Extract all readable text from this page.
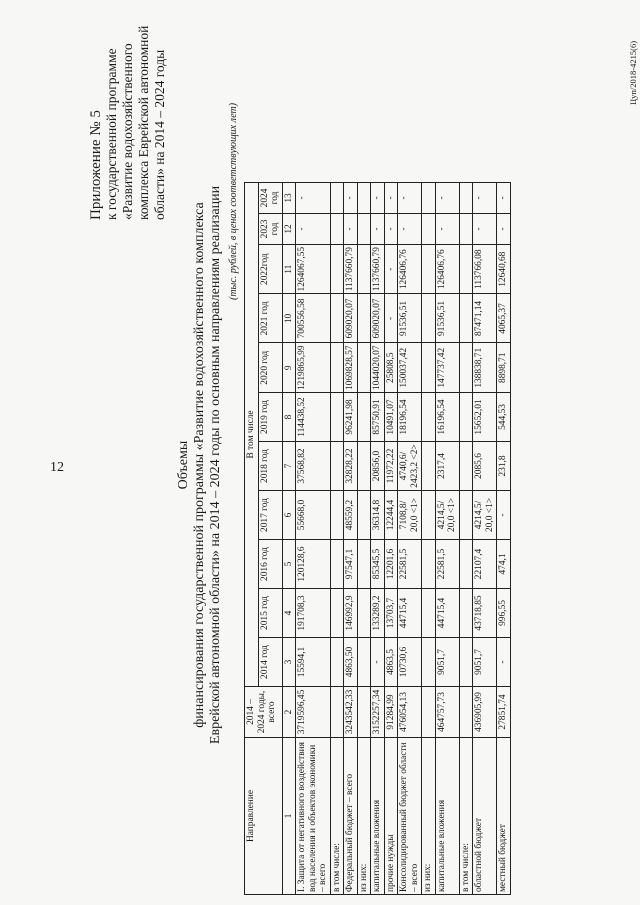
12
Приложение № 5 к государственной программе «Развитие водохозяйственного комплекса Еврейской автономной области» на 2014 – 2024 годы
Объемы финансирования государственной программы «Развитие водохозяйственного комплекса Еврейской автономной области» на 2014 – 2024 годы по основным направлениям реализации (тыс. рублей, в ценах соответствующих лет)
Направление	2014 – 2024 годы, всего	В том числе										
		2014 год	2015 год	2016 год	2017 год	2018 год	2019 год	2020 год	2021 год	2022год	2023 год	2024 год
1	2	3	4	5	6	7	8	9	10	11	12	13
I. Защита от негативного воздействия вод населения и объектов экономики – всего	3719596,45	15594,1	191708,3	120128,6	55668,0	37568,82	114438,52	1219865,99	700556,58	1264067,55	-	-
в том числе:												
Федеральный бюджет – всего	3243542,33	4863,50	146992,9	97547,1	48559,2	32828,22	96241,98	1069828,57	609020,07	1137660,79	-	-
из них:												
капитальные вложения	3152257,34	-	133289,2	85345,5	36314,8	20856,0	85750,91	1044020,07	609020,07	1137660,79	-	-
прочие нужды	91284,99	4863,5	13703,7	12201,6	12244,4	11972,22	10491,07	25808,5	-	-	-	-
Консолидированный бюджет области – всего	476054,13	10730,6	44715,4	22581,5	7108,8/ 20,0 <1>	4740,6/ 2423,2 <2>	18196,54	150037,42	91536,51	126406,76	-	-
из них:												
капитальные вложения	464757,73	9051,7	44715,4	22581,5	4214,5/ 20,0 <1>	2317,4	16196,54	147737,42	91536,51	126406,76	-	-
в том числе:												
областной бюджет	436905,99	9051,7	43718,85	22107,4	4214,5/ 20,0 <1>	2085,6	15652,01	138838,71	87471,14	113766,08	-	-
местный бюджет	27851,74	-	996,55	474,1	-	231,8	544,53	8898,71	4065,37	12640,68	-	-
Цуп/2018-4215(6)
